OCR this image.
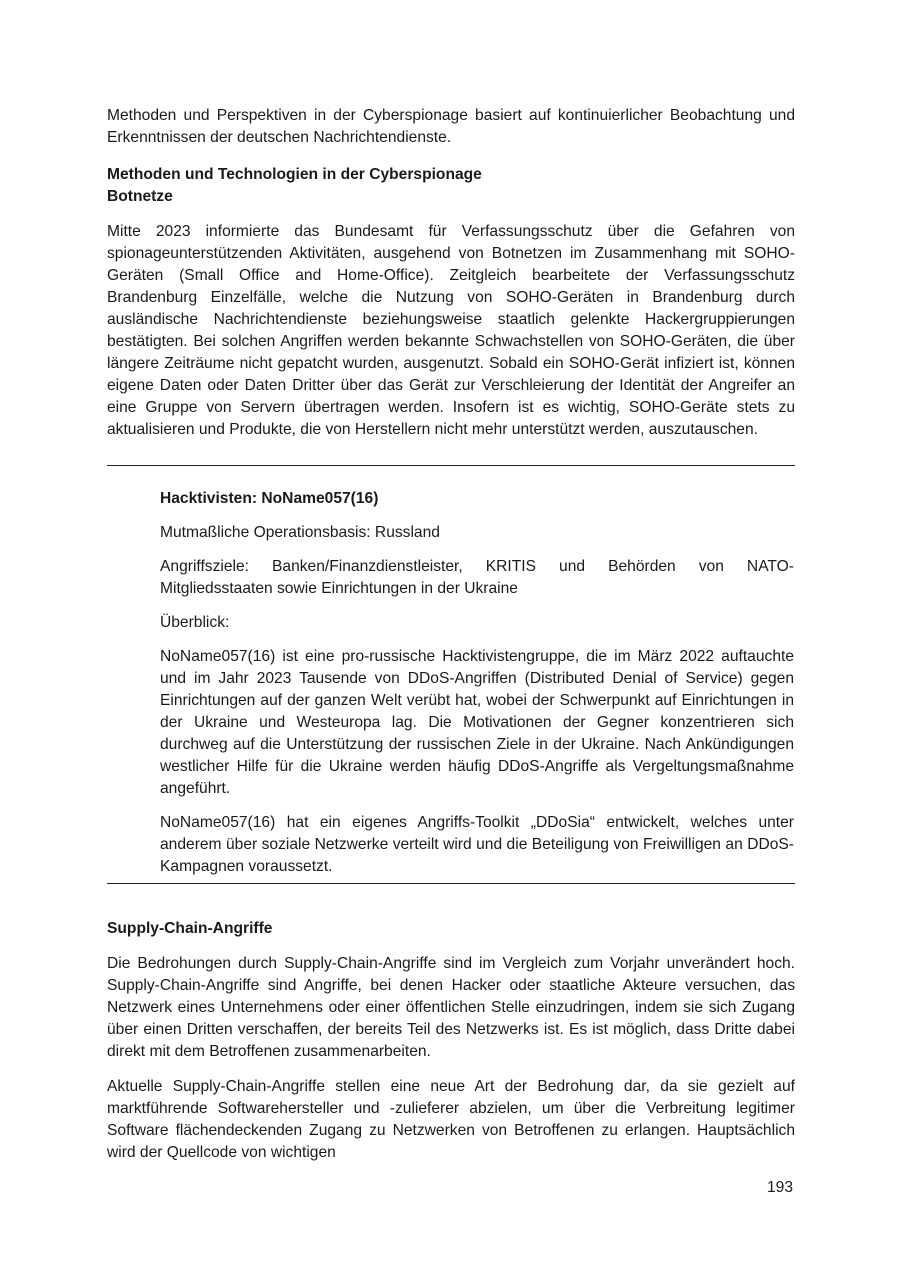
Methoden und Perspektiven in der Cyberspionage basiert auf kontinuierlicher Beobachtung und Erkenntnissen der deutschen Nachrichtendienste.

Methoden und Technologien in der Cyberspionage

Botnetze

Mitte 2023 informierte das Bundesamt für Verfassungsschutz über die Gefahren von spionageunterstützenden Aktivitäten, ausgehend von Botnetzen im Zusammenhang mit SOHO-Geräten (Small Office and Home-Office). Zeitgleich bearbeitete der Verfassungsschutz Brandenburg Einzelfälle, welche die Nutzung von SOHO-Geräten in Brandenburg durch ausländische Nachrichtendienste beziehungsweise staatlich gelenkte Hackergruppierungen bestätigten. Bei solchen Angriffen werden bekannte Schwachstellen von SOHO-Geräten, die über längere Zeiträume nicht gepatcht wurden, ausgenutzt. Sobald ein SOHO-Gerät infiziert ist, können eigene Daten oder Daten Dritter über das Gerät zur Verschleierung der Identität der Angreifer an eine Gruppe von Servern übertragen werden. Insofern ist es wichtig, SOHO-Geräte stets zu aktualisieren und Produkte, die von Herstellern nicht mehr unterstützt werden, auszutauschen.

Hacktivisten: NoName057(16)

Mutmaßliche Operationsbasis: Russland

Angriffsziele: Banken/Finanzdienstleister, KRITIS und Behörden von NATO-Mitgliedsstaaten sowie Einrichtungen in der Ukraine

Überblick:

NoName057(16) ist eine pro-russische Hacktivistengruppe, die im März 2022 auftauchte und im Jahr 2023 Tausende von DDoS-Angriffen (Distributed Denial of Service) gegen Einrichtungen auf der ganzen Welt verübt hat, wobei der Schwerpunkt auf Einrichtungen in der Ukraine und Westeuropa lag. Die Motivationen der Gegner konzentrieren sich durchweg auf die Unterstützung der russischen Ziele in der Ukraine. Nach Ankündigungen westlicher Hilfe für die Ukraine werden häufig DDoS-Angriffe als Vergeltungsmaßnahme angeführt.

NoName057(16) hat ein eigenes Angriffs-Toolkit „DDoSia“ entwickelt, welches unter anderem über soziale Netzwerke verteilt wird und die Beteiligung von Freiwilligen an DDoS-Kampagnen voraussetzt.

Supply-Chain-Angriffe

Die Bedrohungen durch Supply-Chain-Angriffe sind im Vergleich zum Vorjahr unverändert hoch. Supply-Chain-Angriffe sind Angriffe, bei denen Hacker oder staatliche Akteure versuchen, das Netzwerk eines Unternehmens oder einer öffentlichen Stelle einzudringen, indem sie sich Zugang über einen Dritten verschaffen, der bereits Teil des Netzwerks ist. Es ist möglich, dass Dritte dabei direkt mit dem Betroffenen zusammenarbeiten.

Aktuelle Supply-Chain-Angriffe stellen eine neue Art der Bedrohung dar, da sie gezielt auf marktführende Softwarehersteller und -zulieferer abzielen, um über die Verbreitung legitimer Software flächendeckenden Zugang zu Netzwerken von Betroffenen zu erlangen. Hauptsächlich wird der Quellcode von wichtigen

193
